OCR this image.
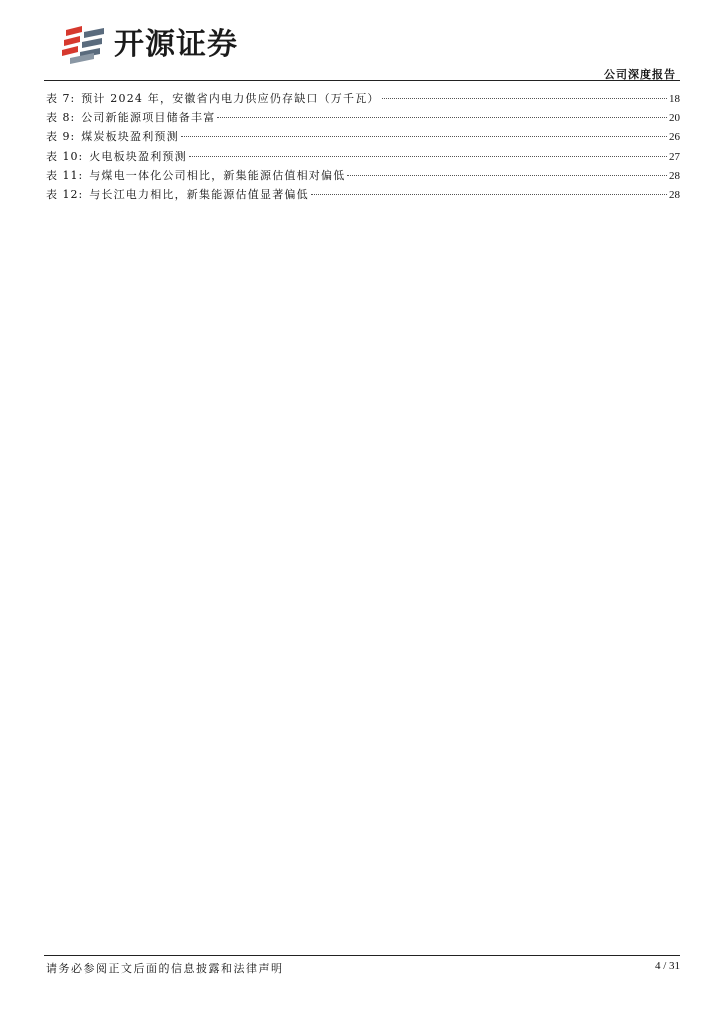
开源证券
公司深度报告
表 7: 预计 2024 年，安徽省内电力供应仍存缺口（万千瓦）	18
表 8: 公司新能源项目储备丰富	20
表 9: 煤炭板块盈利预测	26
表 10: 火电板块盈利预测	27
表 11: 与煤电一体化公司相比，新集能源估值相对偏低	28
表 12: 与长江电力相比，新集能源估值显著偏低	28
请务必参阅正文后面的信息披露和法律声明	4 / 31
